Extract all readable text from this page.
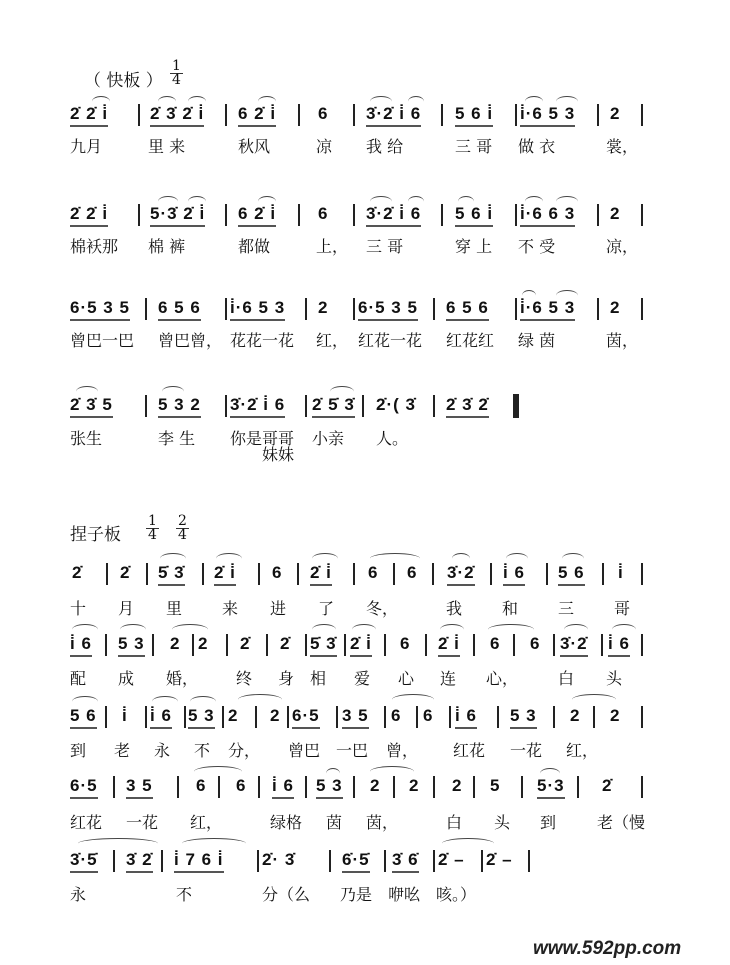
（ 快板 ） $\frac{1}{4}$
2̇ 2̇ i̇ 2̇ 3̇ 2̇ i̇ 6 2̇ i̇ 6 3̇·2̇ i̇ 6 5 6 i̇ i̇·6 5 3 2
九月	里 来	秋风	凉 我 给	三 哥 做 衣	裳，
2̇ 2̇ i̇ 5·3̇ 2̇ i̇ 6 2̇ i̇ 6 3̇·2̇ i̇ 6 5 6 i̇ i̇·6 6 3 2
棉袄那 棉 裤	都做	上， 三 哥	穿 上 不 受	凉，
6·5 3 5 6 5 6 i̇·6 5 3 2 6·5 3 5 6 5 6 i̇·6 5 3 2
曾巴一巴 曾巴曾， 花花一花 红， 红花一花 红花红 绿 茵	茵，
2̇ 3̇ 5	5 3 2 3̇·2̇ i̇ 6 2̇ 5̇ 3̇ 2̇·( 3̇ 2̇ 3̇ 2̇
张生	李 生 你是哥哥
妹妹
小亲 人。
捏子板 $\frac{1}{4} \frac{2}{4}$
2̇ 2̇ 5̇ 3̇ 2̇ i̇ 6 2̇ i̇ 6 6 3̇·2̇ i̇ 6 5 6 i̇
十 月 里 来 进 了 冬，	我 和 三 哥
i̇ 6 5 3 2 2 2̇ 2̇ 5̇ 3̇ 2̇ i̇ 6 2̇ i̇ 6 6 3̇·2̇ i̇ 6
配 成 婚， 终 身 相 爱 心 连 心， 白 头
5 6 i̇ i̇ 6 5 3 2 2 6·5 3 5 6 6 i̇ 6 5 3 2 2
到 老 永 不 分， 曾巴 一巴 曾， 红花 一花 红，
6·5 3 5	6 6 i̇ 6 5 3 2	2
2	5 5·3 2̇
红花 一花 红，	绿格 茵 茵，	白 头 到	老（慢
3̇·5̇ 3̇ 2̇ i̇ 7 6 i̇ 2̇· 3̇	6̇·5̇ 3̇ 6̇ 2̇ – 2̇ –
永	不	分（么 乃是 咿吆 咳。）
www.592pp.com
